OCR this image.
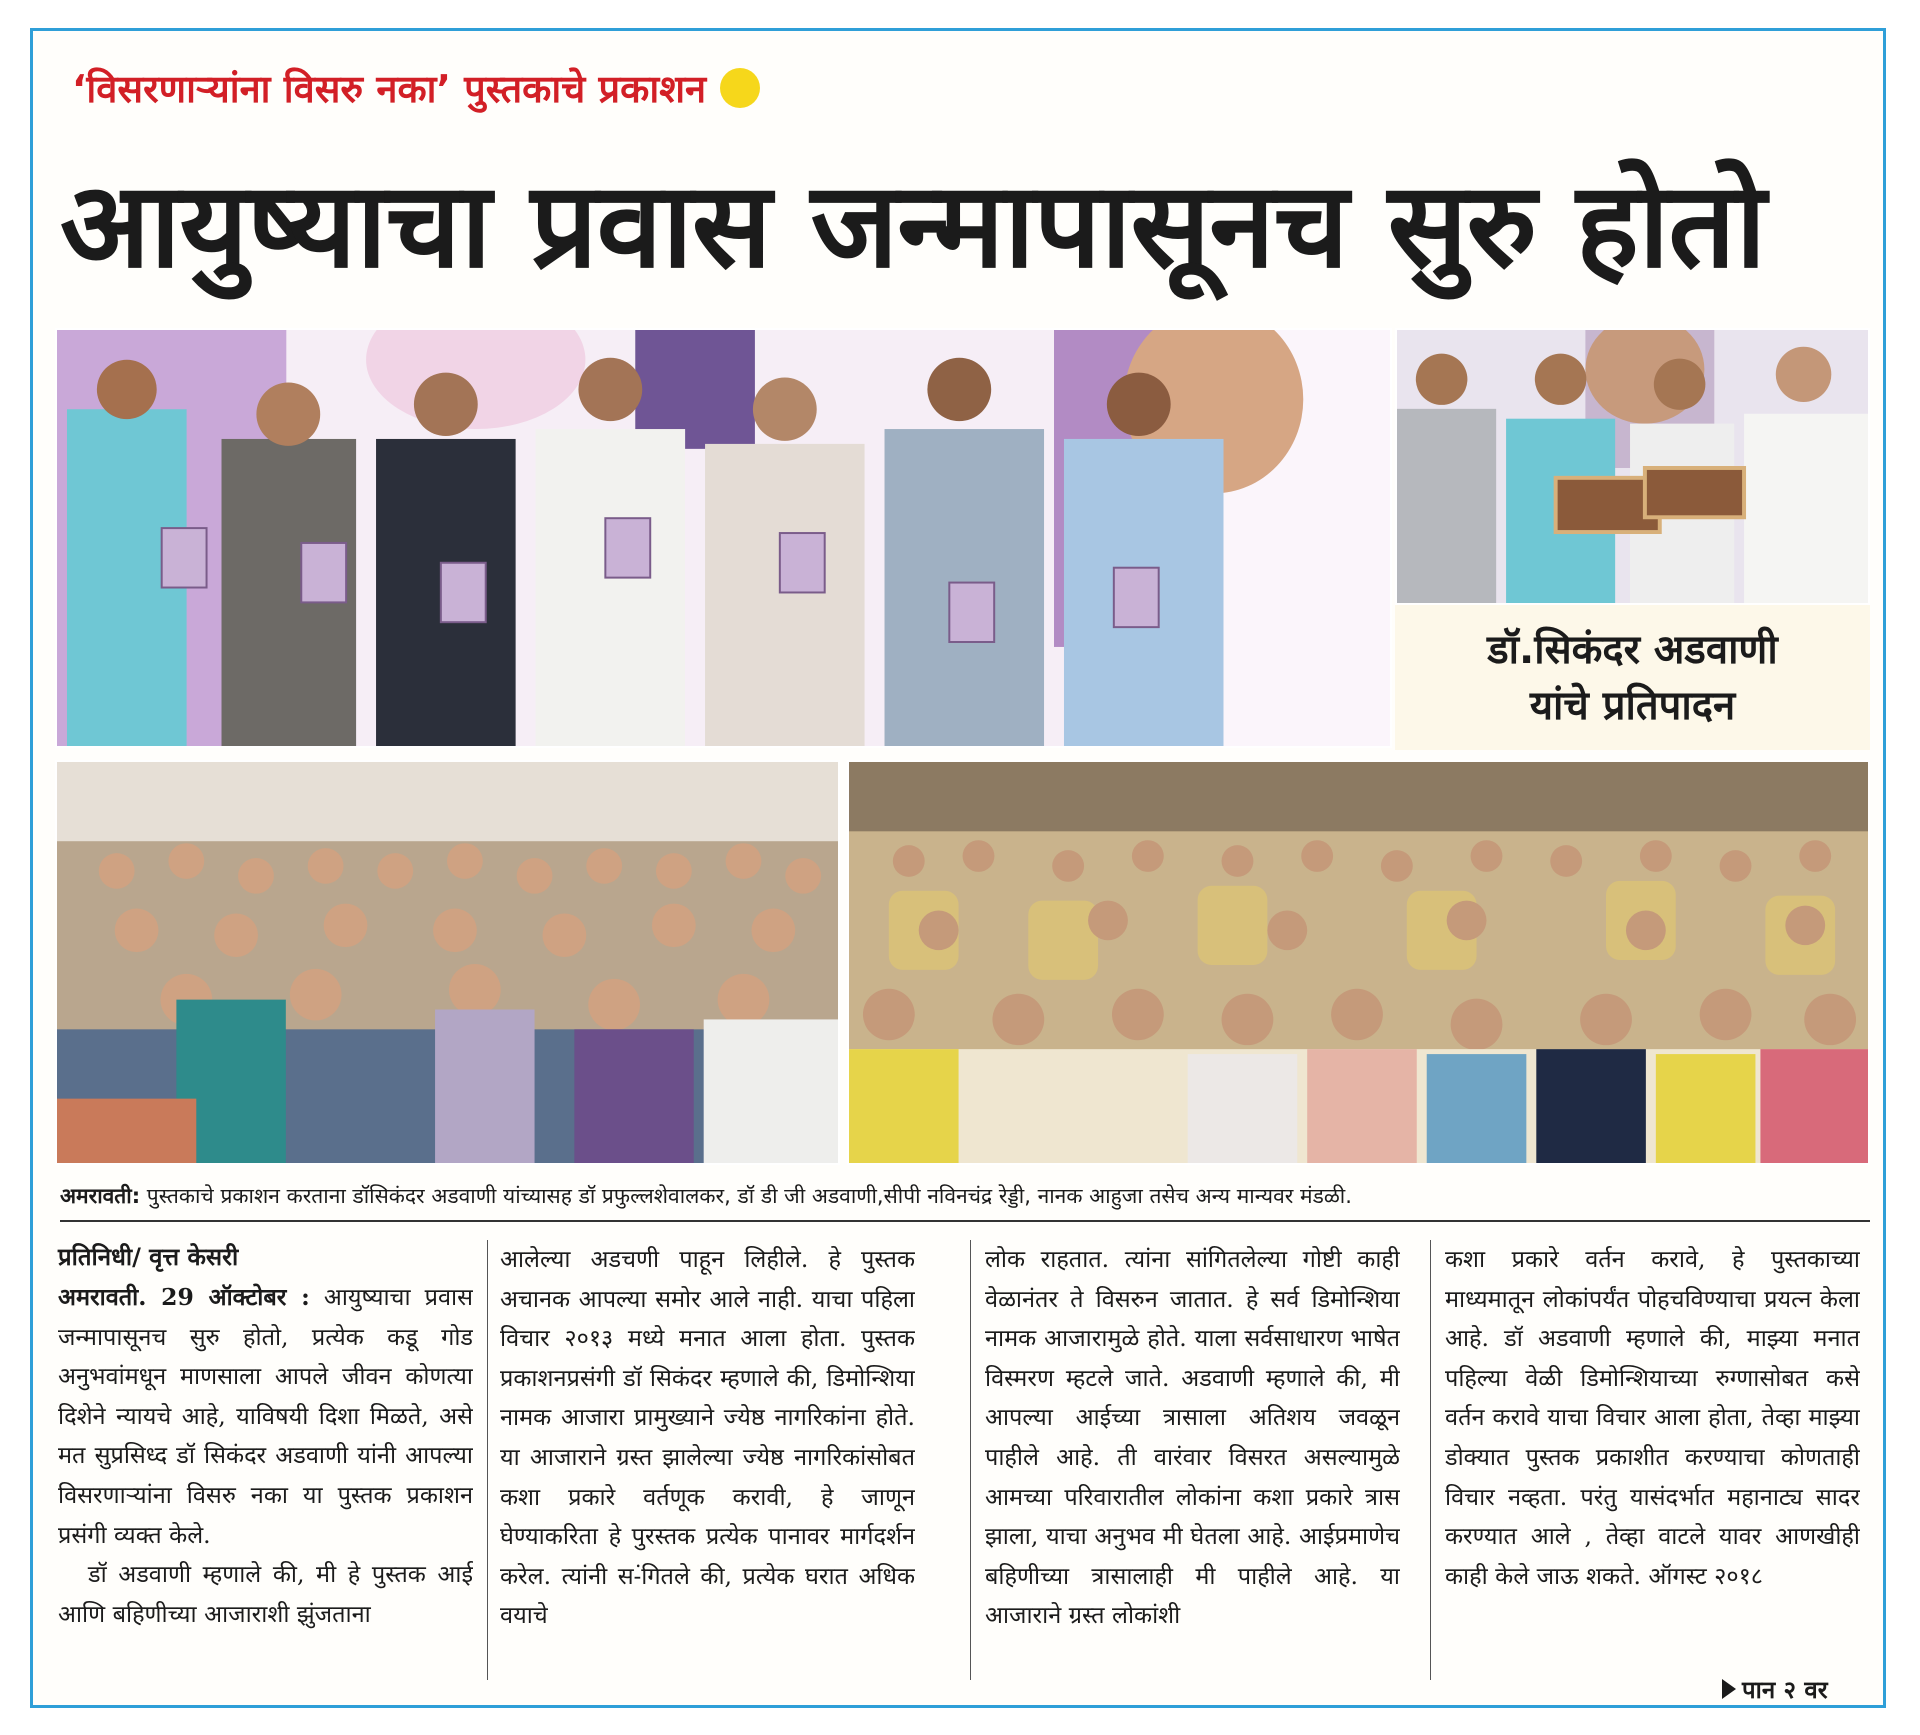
‘विसरणाऱ्यांना विसरु नका’ पुस्तकाचे प्रकाशन
आयुष्याचा प्रवास जन्मापासूनच सुरु होतो
डॉ.सिकंदर अडवाणी
यांचे प्रतिपादन
अमरावती: पुस्तकाचे प्रकाशन करताना डॉसिकंदर अडवाणी यांच्यासह डॉ प्रफुल्लशेवालकर, डॉ डी जी अडवाणी,सीपी नविनचंद्र रेड्डी, नानक आहुजा तसेच अन्य मान्यवर मंडळी.
प्रतिनिधी/ वृत्त केसरी

अमरावती. 29 ऑक्टोबर : आयुष्याचा प्रवास जन्मापासूनच सुरु होतो, प्रत्येक कडू गोड अनुभवांमधून माणसाला आपले जीवन कोणत्या दिशेने न्यायचे आहे, याविषयी दिशा मिळते, असे मत सुप्रसिध्द डॉ सिकंदर अडवाणी यांनी आपल्या विसरणाऱ्यांना विसरु नका या पुस्तक प्रकाशन प्रसंगी व्यक्त केले.

डॉ अडवाणी म्हणाले की, मी हे पुस्तक आई आणि बहिणीच्या आजाराशी झुंजताना

आलेल्या अडचणी पाहून लिहीले. हे पुस्तक अचानक आपल्या समोर आले नाही. याचा पहिला विचार २०१३ मध्ये मनात आला होता. पुस्तक प्रकाशनप्रसंगी डॉ सिकंदर म्हणाले की, डिमोन्शिया नामक आजारा प्रामुख्याने ज्येष्ठ नागरिकांना होते. या आजाराने ग्रस्त झालेल्या ज्येष्ठ नागरिकांसोबत कशा प्रकारे वर्तणूक करावी, हे जाणून घेण्याकरिता हे पुरस्तक प्रत्येक पानावर मार्गदर्शन करेल. त्यांनी स-ंगितले की, प्रत्येक घरात अधिक वयाचे

लोक राहतात. त्यांना सांगितलेल्या गोष्टी काही वेळानंतर ते विसरुन जातात. हे सर्व डिमोन्शिया नामक आजारामुळे होते. याला सर्वसाधारण भाषेत विस्मरण म्हटले जाते. अडवाणी म्हणाले की, मी आपल्या आईच्या त्रासाला अतिशय जवळून पाहीले आहे. ती वारंवार विसरत असल्यामुळे आमच्या परिवारातील लोकांना कशा प्रकारे त्रास झाला, याचा अनुभव मी घेतला आहे. आईप्रमाणेच बहिणीच्या त्रासालाही मी पाहीले आहे. या आजाराने ग्रस्त लोकांशी

कशा प्रकारे वर्तन करावे, हे पुस्तकाच्या माध्यमातून लोकांपर्यंत पोहचविण्याचा प्रयत्न केला आहे. डॉ अडवाणी म्हणाले की, माझ्या मनात पहिल्या वेळी डिमोन्शियाच्या रुग्णासोबत कसे वर्तन करावे याचा विचार आला होता, तेव्हा माझ्या डोक्यात पुस्तक प्रकाशीत करण्याचा कोणताही विचार नव्हता. परंतु यासंदर्भात महानाट्य सादर करण्यात आले , तेव्हा वाटले यावर आणखीही काही केले जाऊ शकते. ऑगस्ट २०१८

पान २ वर
